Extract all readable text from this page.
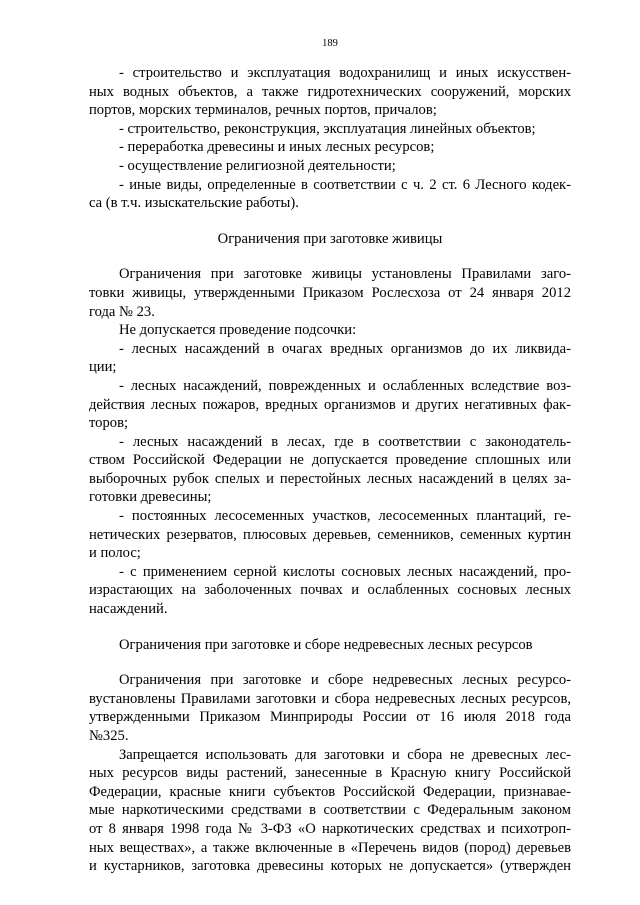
189
- строительство и эксплуатация водохранилищ и иных искусствен-
ных водных объектов, а также гидротехнических сооружений, морских
портов, морских терминалов, речных портов, причалов;
- строительство, реконструкция, эксплуатация линейных объектов;
- переработка древесины и иных лесных ресурсов;
- осуществление религиозной деятельности;
- иные виды, определенные в соответствии с ч. 2 ст. 6 Лесного кодек-
са (в т.ч. изыскательские работы).
Ограничения при заготовке живицы
Ограничения при заготовке живицы установлены Правилами заго-
товки живицы, утвержденными Приказом Рослесхоза от 24 января 2012
года № 23.
Не допускается проведение подсочки:
- лесных насаждений в очагах вредных организмов до их ликвида-
ции;
- лесных насаждений, поврежденных и ослабленных вследствие воз-
действия лесных пожаров, вредных организмов и других негативных фак-
торов;
- лесных насаждений в лесах, где в соответствии с законодатель-
ством Российской Федерации не допускается проведение сплошных или
выборочных рубок спелых и перестойных лесных насаждений в целях за-
готовки древесины;
- постоянных лесосеменных участков, лесосеменных плантаций, ге-
нетических резерватов, плюсовых деревьев, семенников, семенных куртин
и полос;
- с применением серной кислоты сосновых лесных насаждений, про-
израстающих на заболоченных почвах и ослабленных сосновых лесных
насаждений.
Ограничения при заготовке и сборе недревесных лесных ресурсов
Ограничения при заготовке и сборе недревесных лесных ресурсо-
вустановлены Правилами заготовки и сбора недревесных лесных ресурсов,
утвержденными Приказом Минприроды России от 16 июля 2018 года
№325.
Запрещается использовать для заготовки и сбора не древесных лес-
ных ресурсов виды растений, занесенные в Красную книгу Российской
Федерации, красные книги субъектов Российской Федерации, признавае-
мые наркотическими средствами в соответствии с Федеральным законом
от 8 января 1998 года № 3-ФЗ «О наркотических средствах и психотроп-
ных веществах», а также включенные в «Перечень видов (пород) деревьев
и кустарников, заготовка древесины которых не допускается» (утвержден
